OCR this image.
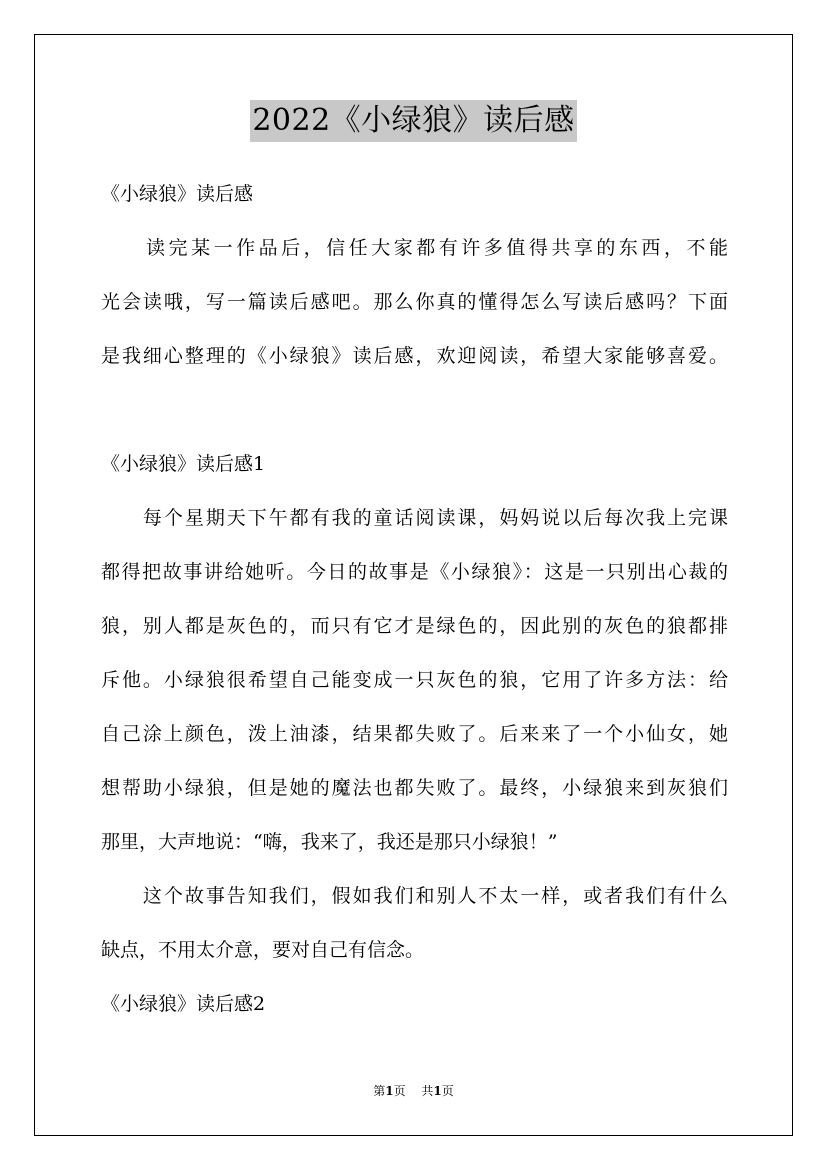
2022《小绿狼》读后感
《小绿狼》读后感
　　读完某一作品后，信任大家都有许多值得共享的东西，不能
光会读哦，写一篇读后感吧。那么你真的懂得怎么写读后感吗？下面
是我细心整理的《小绿狼》读后感，欢迎阅读，希望大家能够喜爱。
《小绿狼》读后感1
　　每个星期天下午都有我的童话阅读课，妈妈说以后每次我上完课
都得把故事讲给她听。今日的故事是《小绿狼》：这是一只别出心裁的
狼，别人都是灰色的，而只有它才是绿色的，因此别的灰色的狼都排
斥他。小绿狼很希望自己能变成一只灰色的狼，它用了许多方法：给
自己涂上颜色，泼上油漆，结果都失败了。后来来了一个小仙女，她
想帮助小绿狼，但是她的魔法也都失败了。最终，小绿狼来到灰狼们
那里，大声地说：“嗨，我来了，我还是那只小绿狼！”
　　这个故事告知我们，假如我们和别人不太一样，或者我们有什么
缺点，不用太介意，要对自己有信念。
《小绿狼》读后感2
第1页 共1页
